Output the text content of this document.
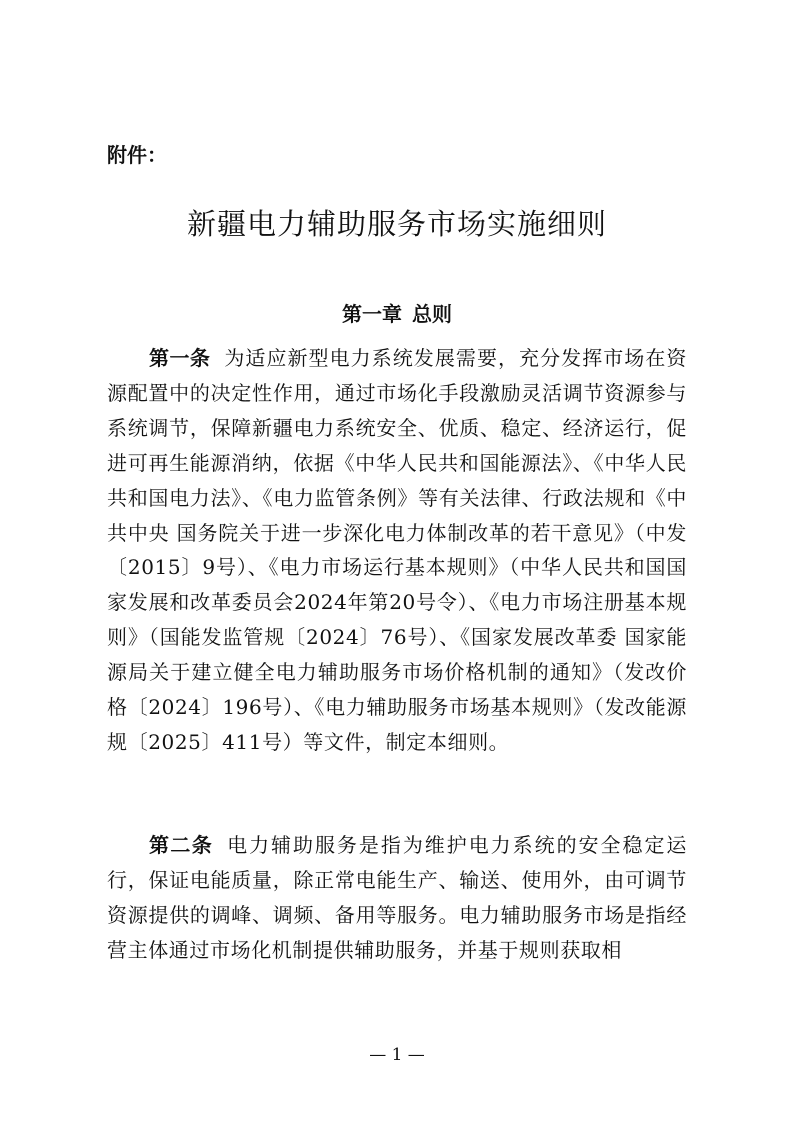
附件：
新疆电力辅助服务市场实施细则
第一章 总则

第一条 为适应新型电力系统发展需要，充分发挥市场在资源配置中的决定性作用，通过市场化手段激励灵活调节资源参与系统调节，保障新疆电力系统安全、优质、稳定、经济运行，促进可再生能源消纳，依据《中华人民共和国能源法》、《中华人民共和国电力法》、《电力监管条例》等有关法律、行政法规和《中共中央 国务院关于进一步深化电力体制改革的若干意见》（中发〔2015〕9号）、《电力市场运行基本规则》（中华人民共和国国家发展和改革委员会2024年第20号令）、《电力市场注册基本规则》（国能发监管规〔2024〕76号）、《国家发展改革委 国家能源局关于建立健全电力辅助服务市场价格机制的通知》（发改价格〔2024〕196号）、《电力辅助服务市场基本规则》（发改能源规〔2025〕411号）等文件，制定本细则。

第二条 电力辅助服务是指为维护电力系统的安全稳定运行，保证电能质量，除正常电能生产、输送、使用外，由可调节资源提供的调峰、调频、备用等服务。电力辅助服务市场是指经营主体通过市场化机制提供辅助服务，并基于规则获取相

— 1 —
